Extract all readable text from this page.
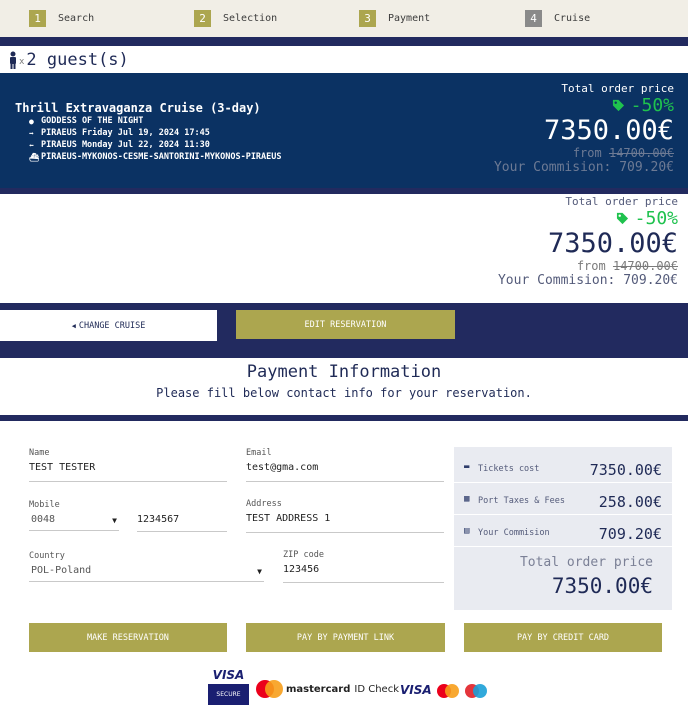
1	Search	2	Selection	3	Payment	4	Cruise
x 2 guest(s)
Thrill Extravaganza Cruise (3-day)
● GODDESS OF THE NIGHT
➡ PIRAEUS Friday Jul 19, 2024 17:45
⬅ PIRAEUS Monday Jul 22, 2024 11:30
⛴ PIRAEUS-MYKONOS-CESME-SANTORINI-MYKONOS-PIRAEUS
Total order price
-50%
7350.00€
from 14700.00€
Your Commision: 709.20€
Total order price
-50%
7350.00€
from 14700.00€
Your Commision: 709.20€
◀ CHANGE CRUISE	EDIT RESERVATION
Payment Information
Please fill below contact info for your reservation.
Name
TEST TESTER
Email
test@gma.com
Mobile
0048	▼ 1234567
Address
TEST ADDRESS 1
Country
POL-Poland	▼
ZIP code
123456
▬ Tickets cost	7350.00€
▦ Port Taxes & Fees 258.00€
▤ Your Commision	709.20€
Total order price
7350.00€
MAKE RESERVATION	PAY BY PAYMENT LINK	PAY BY CREDIT CARD
VISA
SECURE	mastercard ID Check VISA
